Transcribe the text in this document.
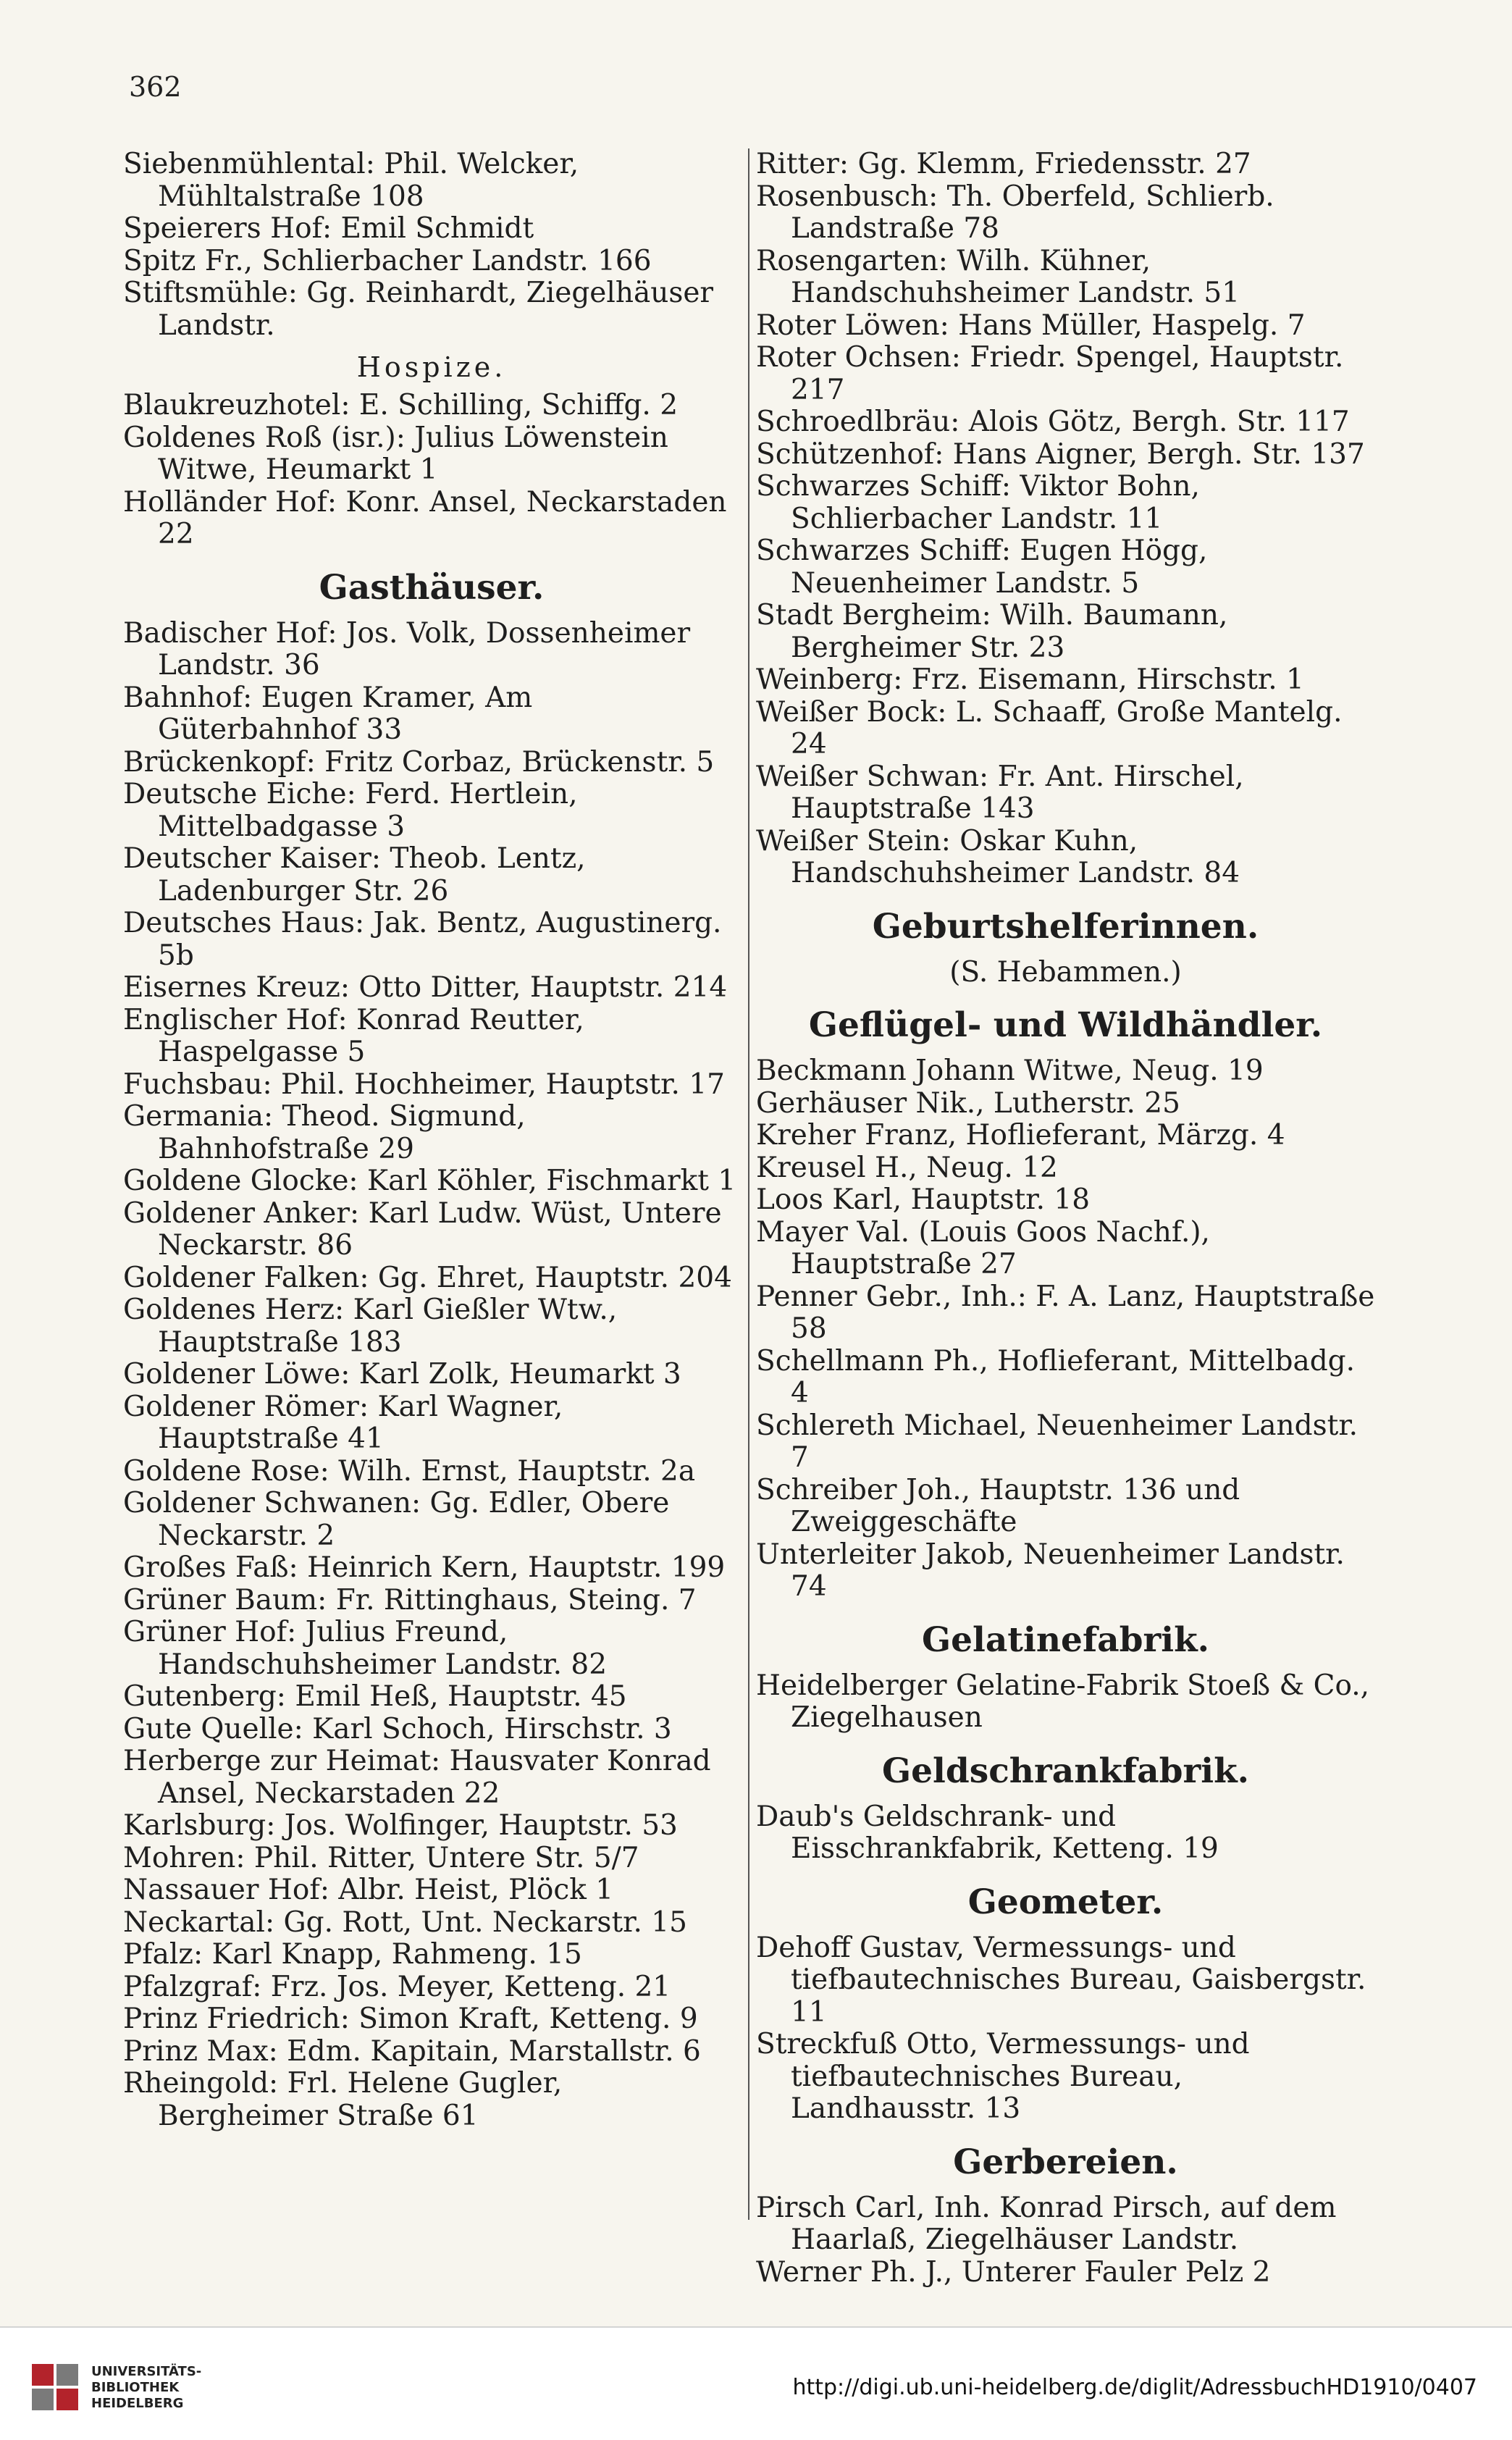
362

Siebenmühlental: Phil. Welcker, Mühltalstraße 108

Speierers Hof: Emil Schmidt

Spitz Fr., Schlierbacher Landstr. 166

Stiftsmühle: Gg. Reinhardt, Ziegelhäuser Landstr.

Hospize.

Blaukreuzhotel: E. Schilling, Schiffg. 2

Goldenes Roß (isr.): Julius Löwenstein Witwe, Heumarkt 1

Holländer Hof: Konr. Ansel, Neckarstaden 22

Gasthäuser.

Badischer Hof: Jos. Volk, Dossenheimer Landstr. 36

Bahnhof: Eugen Kramer, Am Güterbahnhof 33

Brückenkopf: Fritz Corbaz, Brückenstr. 5

Deutsche Eiche: Ferd. Hertlein, Mittelbadgasse 3

Deutscher Kaiser: Theob. Lentz, Ladenburger Str. 26

Deutsches Haus: Jak. Bentz, Augustinerg. 5b

Eisernes Kreuz: Otto Ditter, Hauptstr. 214

Englischer Hof: Konrad Reutter, Haspelgasse 5

Fuchsbau: Phil. Hochheimer, Hauptstr. 17

Germania: Theod. Sigmund, Bahnhofstraße 29

Goldene Glocke: Karl Köhler, Fischmarkt 1

Goldener Anker: Karl Ludw. Wüst, Untere Neckarstr. 86

Goldener Falken: Gg. Ehret, Hauptstr. 204

Goldenes Herz: Karl Gießler Wtw., Hauptstraße 183

Goldener Löwe: Karl Zolk, Heumarkt 3

Goldener Römer: Karl Wagner, Hauptstraße 41

Goldene Rose: Wilh. Ernst, Hauptstr. 2a

Goldener Schwanen: Gg. Edler, Obere Neckarstr. 2

Großes Faß: Heinrich Kern, Hauptstr. 199

Grüner Baum: Fr. Rittinghaus, Steing. 7

Grüner Hof: Julius Freund, Handschuhsheimer Landstr. 82

Gutenberg: Emil Heß, Hauptstr. 45

Gute Quelle: Karl Schoch, Hirschstr. 3

Herberge zur Heimat: Hausvater Konrad Ansel, Neckarstaden 22

Karlsburg: Jos. Wolfinger, Hauptstr. 53

Mohren: Phil. Ritter, Untere Str. 5/7

Nassauer Hof: Albr. Heist, Plöck 1

Neckartal: Gg. Rott, Unt. Neckarstr. 15

Pfalz: Karl Knapp, Rahmeng. 15

Pfalzgraf: Frz. Jos. Meyer, Ketteng. 21

Prinz Friedrich: Simon Kraft, Ketteng. 9

Prinz Max: Edm. Kapitain, Marstallstr. 6

Rheingold: Frl. Helene Gugler, Bergheimer Straße 61

Ritter: Gg. Klemm, Friedensstr. 27

Rosenbusch: Th. Oberfeld, Schlierb. Landstraße 78

Rosengarten: Wilh. Kühner, Handschuhsheimer Landstr. 51

Roter Löwen: Hans Müller, Haspelg. 7

Roter Ochsen: Friedr. Spengel, Hauptstr. 217

Schroedlbräu: Alois Götz, Bergh. Str. 117

Schützenhof: Hans Aigner, Bergh. Str. 137

Schwarzes Schiff: Viktor Bohn, Schlierbacher Landstr. 11

Schwarzes Schiff: Eugen Högg, Neuenheimer Landstr. 5

Stadt Bergheim: Wilh. Baumann, Bergheimer Str. 23

Weinberg: Frz. Eisemann, Hirschstr. 1

Weißer Bock: L. Schaaff, Große Mantelg. 24

Weißer Schwan: Fr. Ant. Hirschel, Hauptstraße 143

Weißer Stein: Oskar Kuhn, Handschuhsheimer Landstr. 84

Geburtshelferinnen.

(S. Hebammen.)

Geflügel- und Wildhändler.

Beckmann Johann Witwe, Neug. 19

Gerhäuser Nik., Lutherstr. 25

Kreher Franz, Hoflieferant, Märzg. 4

Kreusel H., Neug. 12

Loos Karl, Hauptstr. 18

Mayer Val. (Louis Goos Nachf.), Hauptstraße 27

Penner Gebr., Inh.: F. A. Lanz, Hauptstraße 58

Schellmann Ph., Hoflieferant, Mittelbadg. 4

Schlereth Michael, Neuenheimer Landstr. 7

Schreiber Joh., Hauptstr. 136 und Zweiggeschäfte

Unterleiter Jakob, Neuenheimer Landstr. 74

Gelatinefabrik.

Heidelberger Gelatine-Fabrik Stoeß & Co., Ziegelhausen

Geldschrankfabrik.

Daub's Geldschrank- und Eisschrankfabrik, Ketteng. 19

Geometer.

Dehoff Gustav, Vermessungs- und tiefbautechnisches Bureau, Gaisbergstr. 11

Streckfuß Otto, Vermessungs- und tiefbautechnisches Bureau, Landhausstr. 13

Gerbereien.

Pirsch Carl, Inh. Konrad Pirsch, auf dem Haarlaß, Ziegelhäuser Landstr.

Werner Ph. J., Unterer Fauler Pelz 2

UNIVERSITÄTS-
BIBLIOTHEK
HEIDELBERG
http://digi.ub.uni-heidelberg.de/diglit/AdressbuchHD1910/0407
